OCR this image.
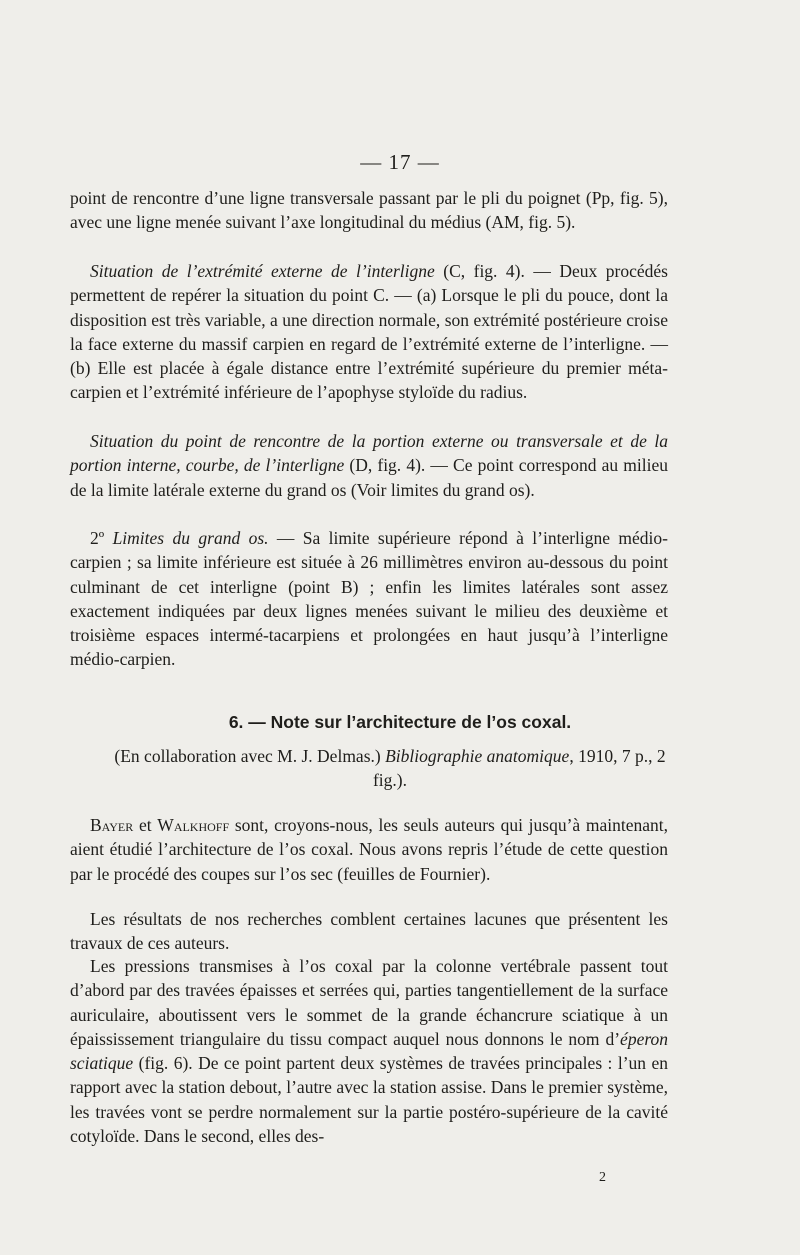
— 17 —

point de rencontre d’une ligne transversale passant par le pli du poignet (Pp, fig. 5), avec une ligne menée suivant l’axe longitudinal du médius (AM, fig. 5).

Situation de l’extrémité externe de l’interligne (C, fig. 4). — Deux procédés permettent de repérer la situation du point C. — (a) Lorsque le pli du pouce, dont la disposition est très variable, a une direction normale, son extrémité postérieure croise la face externe du massif carpien en regard de l’extrémité externe de l’interligne. — (b) Elle est placée à égale distance entre l’extrémité supérieure du premier méta-carpien et l’extrémité inférieure de l’apophyse styloïde du radius.

Situation du point de rencontre de la portion externe ou transversale et de la portion interne, courbe, de l’interligne (D, fig. 4). — Ce point correspond au milieu de la limite latérale externe du grand os (Voir limites du grand os).

2º Limites du grand os. — Sa limite supérieure répond à l’interligne médio-carpien ; sa limite inférieure est située à 26 millimètres environ au-dessous du point culminant de cet interligne (point B) ; enfin les limites latérales sont assez exactement indiquées par deux lignes menées suivant le milieu des deuxième et troisième espaces intermé-tacarpiens et prolongées en haut jusqu’à l’interligne médio-carpien.

6. — Note sur l’architecture de l’os coxal.

(En collaboration avec M. J. Delmas.) Bibliographie anatomique, 1910, 7 p., 2 fig.).

Bayer et Walkhoff sont, croyons-nous, les seuls auteurs qui jusqu’à maintenant, aient étudié l’architecture de l’os coxal. Nous avons repris l’étude de cette question par le procédé des coupes sur l’os sec (feuilles de Fournier).

Les résultats de nos recherches comblent certaines lacunes que présentent les travaux de ces auteurs.

Les pressions transmises à l’os coxal par la colonne vertébrale passent tout d’abord par des travées épaisses et serrées qui, parties tangentiellement de la surface auriculaire, aboutissent vers le sommet de la grande échancrure sciatique à un épaississement triangulaire du tissu compact auquel nous donnons le nom d’éperon sciatique (fig. 6). De ce point partent deux systèmes de travées principales : l’un en rapport avec la station debout, l’autre avec la station assise. Dans le premier système, les travées vont se perdre normalement sur la partie postéro-supérieure de la cavité cotyloïde. Dans le second, elles des-

2
